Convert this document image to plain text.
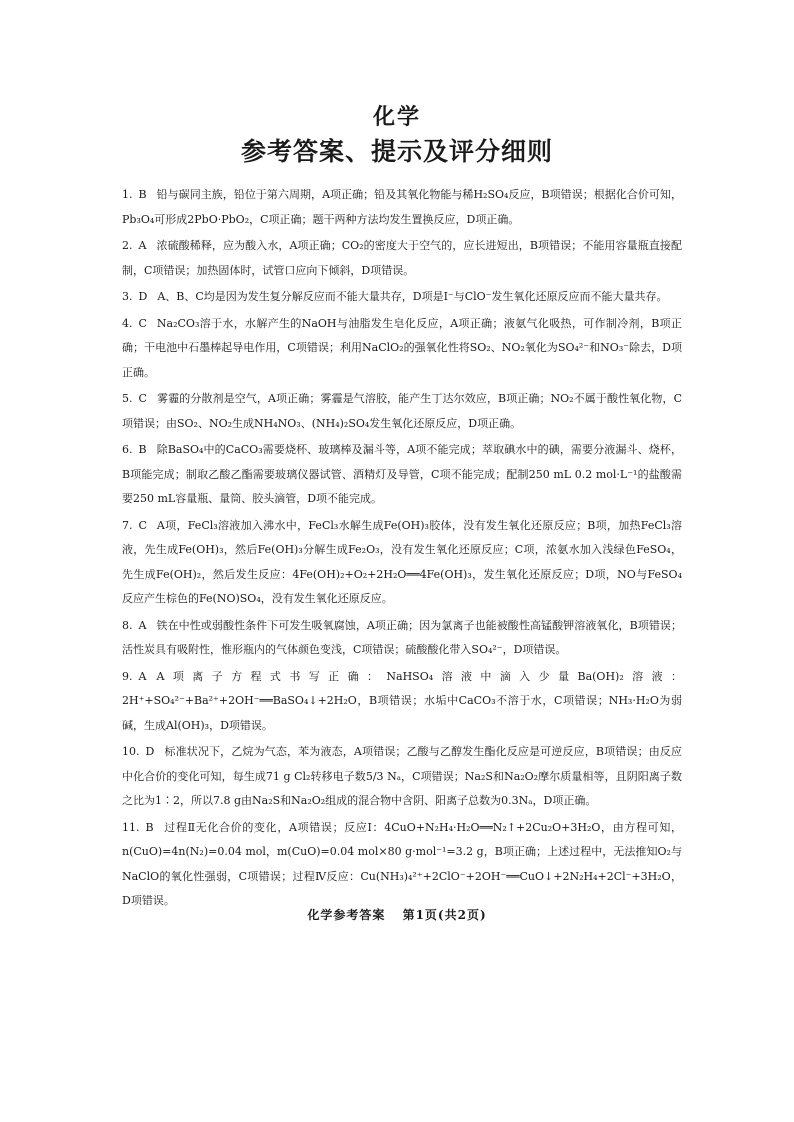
化学
参考答案、提示及评分细则
1. B 铅与碳同主族，铅位于第六周期，A项正确；铅及其氧化物能与稀H₂SO₄反应，B项错误；根据化合价可知，Pb₃O₄可形成2PbO·PbO₂，C项正确；题干两种方法均发生置换反应，D项正确。
2. A 浓硫酸稀释，应为酸入水，A项正确；CO₂的密度大于空气的，应长进短出，B项错误；不能用容量瓶直接配制，C项错误；加热固体时，试管口应向下倾斜，D项错误。
3. D A、B、C均是因为发生复分解反应而不能大量共存，D项是I⁻与ClO⁻发生氧化还原反应而不能大量共存。
4. C Na₂CO₃溶于水，水解产生的NaOH与油脂发生皂化反应，A项正确；液氨气化吸热，可作制冷剂，B项正确；干电池中石墨棒起导电作用，C项错误；利用NaClO₂的强氧化性将SO₂、NO₂氧化为SO₄²⁻和NO₃⁻除去，D项正确。
5. C 雾霾的分散剂是空气，A项正确；雾霾是气溶胶，能产生丁达尔效应，B项正确；NO₂不属于酸性氧化物，C项错误；由SO₂、NO₂生成NH₄NO₃、(NH₄)₂SO₄发生氧化还原反应，D项正确。
6. B 除BaSO₄中的CaCO₃需要烧杯、玻璃棒及漏斗等，A项不能完成；萃取碘水中的碘，需要分液漏斗、烧杯，B项能完成；制取乙酸乙酯需要玻璃仪器试管、酒精灯及导管，C项不能完成；配制250 mL 0.2 mol·L⁻¹的盐酸需要250 mL容量瓶、量筒、胶头滴管，D项不能完成。
7. C A项，FeCl₃溶液加入沸水中，FeCl₃水解生成Fe(OH)₃胶体，没有发生氧化还原反应；B项，加热FeCl₃溶液，先生成Fe(OH)₃，然后Fe(OH)₃分解生成Fe₂O₃，没有发生氧化还原反应；C项，浓氨水加入浅绿色FeSO₄，先生成Fe(OH)₂，然后发生反应：4Fe(OH)₂+O₂+2H₂O══4Fe(OH)₃，发生氧化还原反应；D项，NO与FeSO₄反应产生棕色的Fe(NO)SO₄，没有发生氧化还原反应。
8. A 铁在中性或弱酸性条件下可发生吸氧腐蚀，A项正确；因为氯离子也能被酸性高锰酸钾溶液氧化，B项错误；活性炭具有吸附性，惟形瓶内的气体颜色变浅，C项错误；硫酸酸化带入SO₄²⁻，D项错误。
9. A A项离子方程式书写正确：NaHSO₄溶液中滴入少量Ba(OH)₂溶液：2H⁺+SO₄²⁻+Ba²⁺+2OH⁻══BaSO₄↓+2H₂O，B项错误；水垢中CaCO₃不溶于水，C项错误；NH₃·H₂O为弱碱，生成Al(OH)₃，D项错误。
10. D 标准状况下，乙烷为气态，苯为液态，A项错误；乙酸与乙醇发生酯化反应是可逆反应，B项错误；由反应中化合价的变化可知，每生成71 g Cl₂转移电子数5/3 Nₐ，C项错误；Na₂S和Na₂O₂摩尔质量相等，且阴阳离子数之比为1∶2，所以7.8 g由Na₂S和Na₂O₂组成的混合物中含阴、阳离子总数为0.3Nₐ，D项正确。
11. B 过程Ⅱ无化合价的变化，A项错误；反应Ⅰ：4CuO+N₂H₄·H₂O══N₂↑+2Cu₂O+3H₂O，由方程可知，n(CuO)=4n(N₂)=0.04 mol，m(CuO)=0.04 mol×80 g·mol⁻¹=3.2 g，B项正确；上述过程中，无法推知O₂与NaClO的氧化性强弱，C项错误；过程Ⅳ反应：Cu(NH₃)₄²⁺+2ClO⁻+2OH⁻══CuO↓+2N₂H₄+2Cl⁻+3H₂O，D项错误。
化学参考答案 第1页(共2页)
